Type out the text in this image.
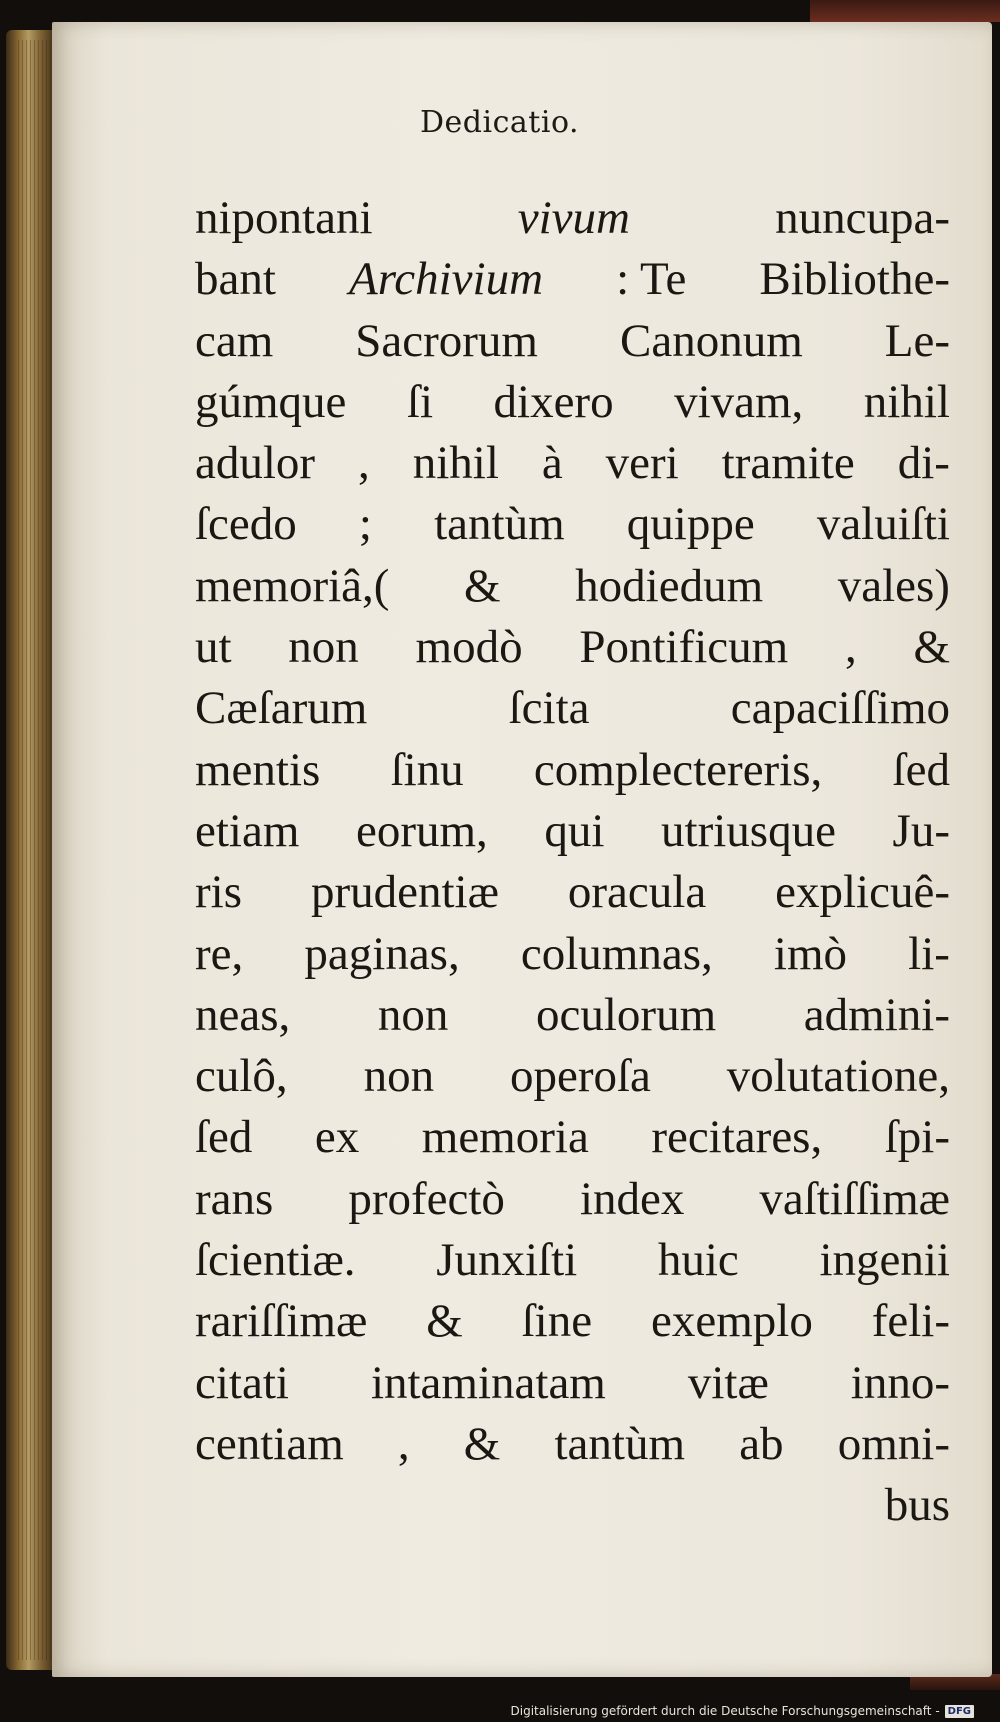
Dedicatio.
nipontani	vivum	nuncupa-
bant Archivium : Te Bibliothe-
cam Sacrorum Canonum Le-
gúmque ſi dixero vivam, nihil
adulor , nihil à veri tramite di-
ſcedo ; tantùm quippe valuiſti
memoriâ,( & hodiedum vales)
ut non modò Pontificum , &
Cæſarum	ſcita	capaciſſimo
mentis ſinu complectereris, ſed
etiam eorum, qui utriusque Ju-
ris prudentiæ oracula explicuê-
re, paginas, columnas, imò li-
neas, non oculorum admini-
culô, non operoſa volutatione,
ſed ex memoria recitares, ſpi-
rans profectò index vaſtiſſimæ
ſcientiæ. Junxiſti huic ingenii
rariſſimæ & ſine exemplo feli-
citati intaminatam vitæ inno-
centiam , & tantùm ab omni-
bus
Digitalisierung gefördert durch die Deutsche Forschungsgemeinschaft - DFG
